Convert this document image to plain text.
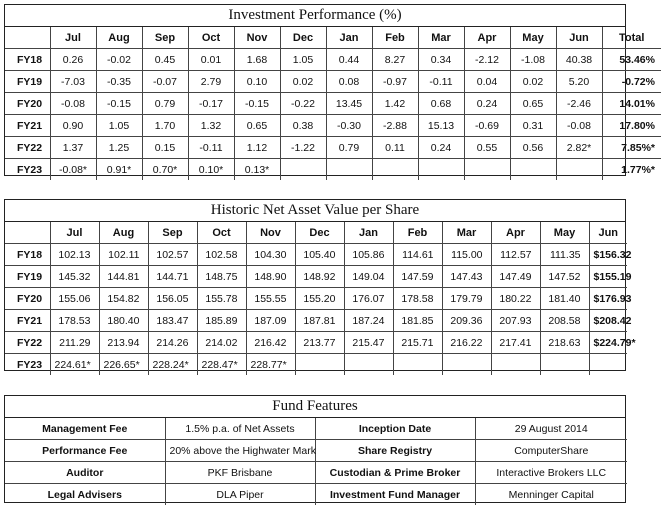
Investment Performance (%)
	Jul	Aug	Sep	Oct	Nov	Dec	Jan	Feb	Mar	Apr	May	Jun	Total
FY18	0.26	-0.02	0.45	0.01	1.68	1.05	0.44	8.27	0.34	-2.12	-1.08	40.38	53.46%
FY19	-7.03	-0.35	-0.07	2.79	0.10	0.02	0.08	-0.97	-0.11	0.04	0.02	5.20	-0.72%
FY20	-0.08	-0.15	0.79	-0.17	-0.15	-0.22	13.45	1.42	0.68	0.24	0.65	-2.46	14.01%
FY21	0.90	1.05	1.70	1.32	0.65	0.38	-0.30	-2.88	15.13	-0.69	0.31	-0.08	17.80%
FY22	1.37	1.25	0.15	-0.11	1.12	-1.22	0.79	0.11	0.24	0.55	0.56	2.82*	7.85%*
FY23	-0.08*	0.91*	0.70*	0.10*	0.13*								1.77%*
Historic Net Asset Value per Share
	Jul	Aug	Sep	Oct	Nov	Dec	Jan	Feb	Mar	Apr	May	Jun
FY18	102.13	102.11	102.57	102.58	104.30	105.40	105.86	114.61	115.00	112.57	111.35	$156.32
FY19	145.32	144.81	144.71	148.75	148.90	148.92	149.04	147.59	147.43	147.49	147.52	$155.19
FY20	155.06	154.82	156.05	155.78	155.55	155.20	176.07	178.58	179.79	180.22	181.40	$176.93
FY21	178.53	180.40	183.47	185.89	187.09	187.81	187.24	181.85	209.36	207.93	208.58	$208.42
FY22	211.29	213.94	214.26	214.02	216.42	213.77	215.47	215.71	216.22	217.41	218.63	$224.79*
FY23	224.61*	226.65*	228.24*	228.47*	228.77*							
Fund Features
Management Fee	1.5% p.a. of Net Assets	Inception Date	29 August 2014
Performance Fee	20% above the Highwater Mark	Share Registry	ComputerShare
Auditor	PKF Brisbane	Custodian & Prime Broker	Interactive Brokers LLC
Legal Advisers	DLA Piper	Investment Fund Manager	Menninger Capital
